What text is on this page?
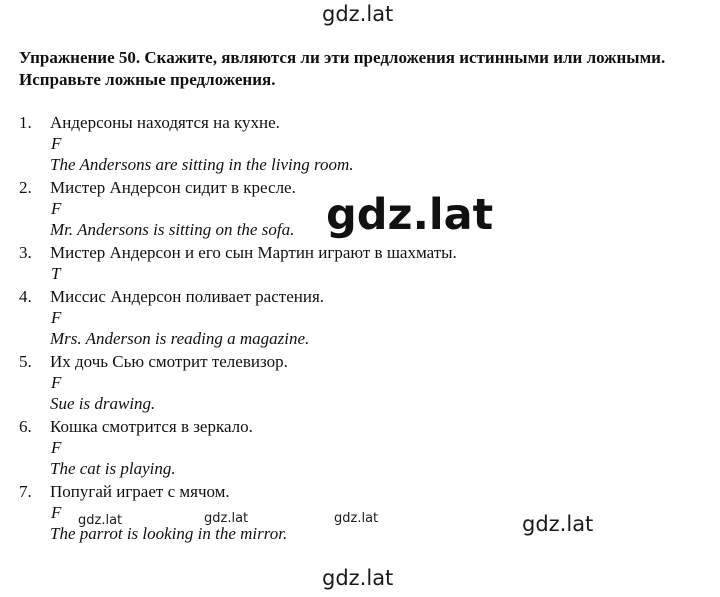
gdz.lat
Упражнение 50. Скажите, являются ли эти предложения истинными или ложными. Исправьте ложные предложения.
1. Андерсоны находятся на кухне.
F
The Andersons are sitting in the living room.
2. Мистер Андерсон сидит в кресле.
F
Mr. Andersons is sitting on the sofa.
3. Мистер Андерсон и его сын Мартин играют в шахматы.
T
4. Миссис Андерсон поливает растения.
F
Mrs. Anderson is reading a magazine.
5. Их дочь Сью смотрит телевизор.
F
Sue is drawing.
6. Кошка смотрится в зеркало.
F
The cat is playing.
7. Попугай играет с мячом.
F
The parrot is looking in the mirror.
gdz.lat
gdz.lat	gdz.lat	gdz.lat	gdz.lat
gdz.lat
